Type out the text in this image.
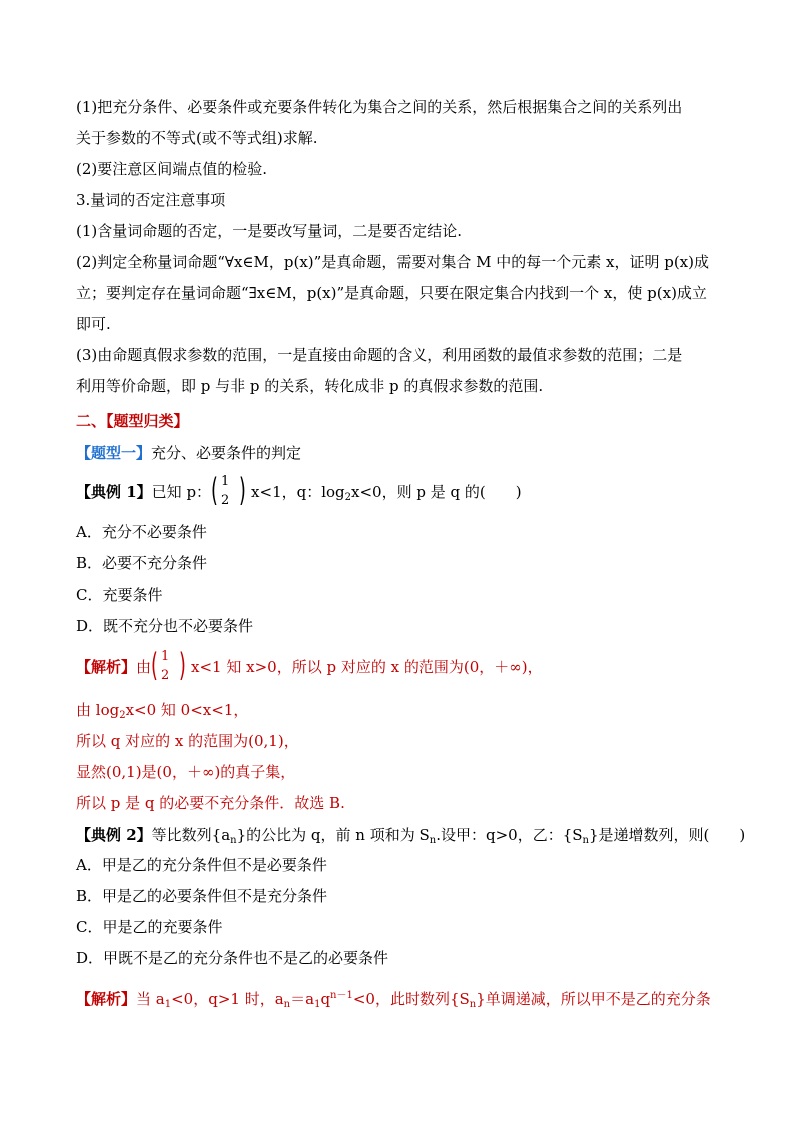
(1)把充分条件、必要条件或充要条件转化为集合之间的关系，然后根据集合之间的关系列出
关于参数的不等式(或不等式组)求解.
(2)要注意区间端点值的检验.
3.量词的否定注意事项
(1)含量词命题的否定，一是要改写量词，二是要否定结论.
(2)判定全称量词命题“∀x∈M，p(x)”是真命题，需要对集合 M 中的每一个元素 x，证明 p(x)成
立；要判定存在量词命题“∃x∈M，p(x)”是真命题，只要在限定集合内找到一个 x，使 p(x)成立
即可.
(3)由命题真假求参数的范围，一是直接由命题的含义，利用函数的最值求参数的范围；二是
利用等价命题，即 p 与非 p 的关系，转化成非 p 的真假求参数的范围.
二、【题型归类】
【题型一】充分、必要条件的判定
【典例 1】已知 p： ( 1
2 ) x<1，q：$\log_2x<0$，则 p 是 q 的(　　)
A．充分不必要条件
B．必要不充分条件
C．充要条件
D．既不充分也不必要条件
【解析】由 ( 1
2 ) x<1 知 x>0，所以 p 对应的 x 的范围为(0，＋∞)，
由 $\log_2x<0$ 知 0<x<1，
所以 q 对应的 x 的范围为(0,1)，
显然(0,1)是(0，＋∞)的真子集，
所以 p 是 q 的必要不充分条件．故选 B.
【典例 2】等比数列$\{a_n\}$的公比为 q，前 n 项和为 $S_n$.设甲：q>0，乙：$\{S_n\}$是递增数列，则(　　)
A．甲是乙的充分条件但不是必要条件
B．甲是乙的必要条件但不是充分条件
C．甲是乙的充要条件
D．甲既不是乙的充分条件也不是乙的必要条件
【解析】当 $a_1<0$，q>1 时，$a_n=a_1q^{n-1}<0$，此时数列$\{S_n\}$单调递减，所以甲不是乙的充分条
